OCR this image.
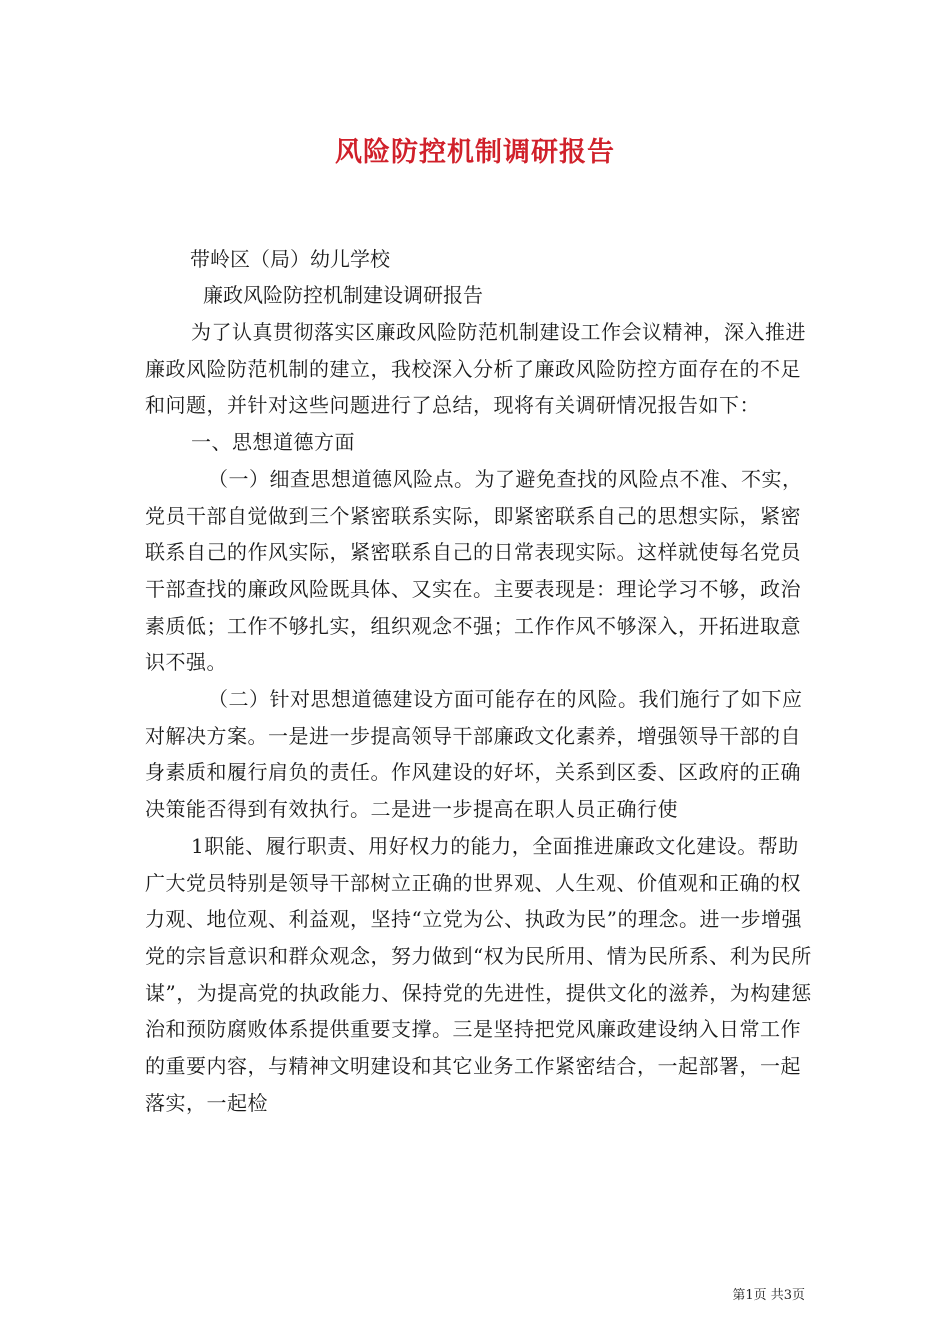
风险防控机制调研报告
带岭区（局）幼儿学校
廉政风险防控机制建设调研报告

为了认真贯彻落实区廉政风险防范机制建设工作会议精神，深入推进廉政风险防范机制的建立，我校深入分析了廉政风险防控方面存在的不足和问题，并针对这些问题进行了总结，现将有关调研情况报告如下：

一、思想道德方面

（一）细查思想道德风险点。为了避免查找的风险点不准、不实，党员干部自觉做到三个紧密联系实际，即紧密联系自己的思想实际，紧密联系自己的作风实际，紧密联系自己的日常表现实际。这样就使每名党员干部查找的廉政风险既具体、又实在。主要表现是：理论学习不够，政治素质低；工作不够扎实，组织观念不强；工作作风不够深入，开拓进取意识不强。

（二）针对思想道德建设方面可能存在的风险。我们施行了如下应对解决方案。一是进一步提高领导干部廉政文化素养，增强领导干部的自身素质和履行肩负的责任。作风建设的好坏，关系到区委、区政府的正确决策能否得到有效执行。二是进一步提高在职人员正确行使

1职能、履行职责、用好权力的能力，全面推进廉政文化建设。帮助广大党员特别是领导干部树立正确的世界观、人生观、价值观和正确的权力观、地位观、利益观，坚持“立党为公、执政为民”的理念。进一步增强党的宗旨意识和群众观念，努力做到“权为民所用、情为民所系、利为民所谋”，为提高党的执政能力、保持党的先进性，提供文化的滋养，为构建惩治和预防腐败体系提供重要支撑。三是坚持把党风廉政建设纳入日常工作的重要内容，与精神文明建设和其它业务工作紧密结合，一起部署，一起落实，一起检

第1页 共3页
